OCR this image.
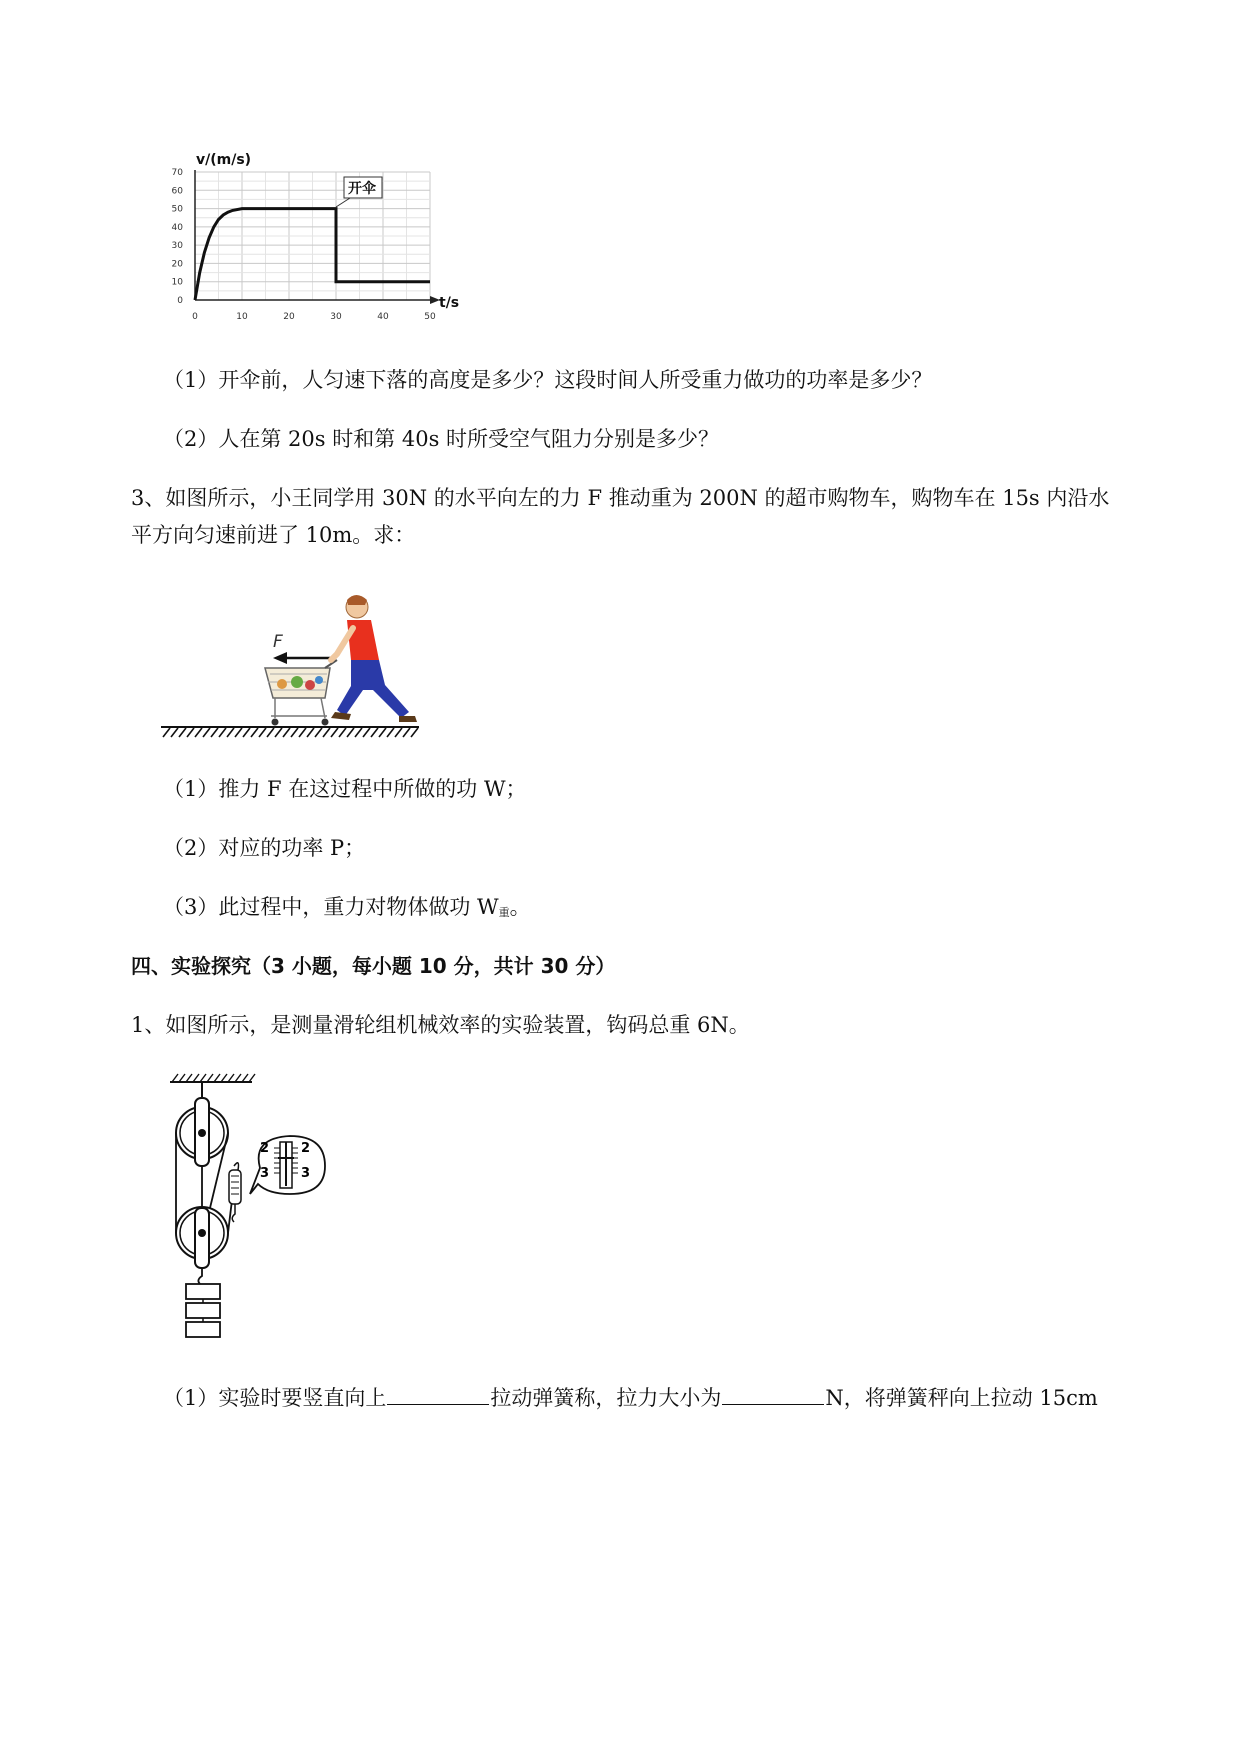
0
10
20
30
40
50
60
70
0	10	20	30	40	50
v/(m/s)
t/s
开伞
（1）开伞前，人匀速下落的高度是多少？这段时间人所受重力做功的功率是多少？
（2）人在第 20s 时和第 40s 时所受空气阻力分别是多少？
3、如图所示，小王同学用 30N 的水平向左的力 F 推动重为 200N 的超市购物车，购物车在 15s 内沿水
平方向匀速前进了 10m。求：
F
（1）推力 F 在这过程中所做的功 W；
（2）对应的功率 P；
（3）此过程中，重力对物体做功 W重。
四、实验探究（3 小题，每小题 10 分，共计 30 分）
1、如图所示，是测量滑轮组机械效率的实验装置，钩码总重 6N。
2 2
3 3
（1）实验时要竖直向上	拉动弹簧称，拉力大小为	N，将弹簧秤向上拉动 15cm
